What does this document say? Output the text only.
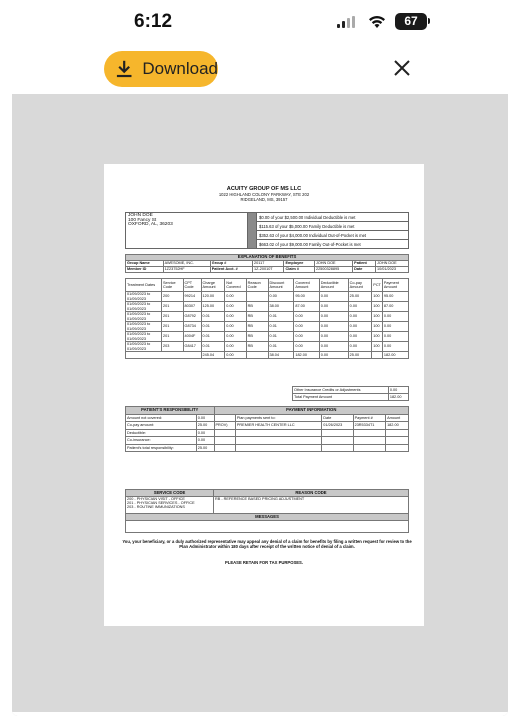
6:12	67
Download
ACUITY GROUP OF MS LLC
1022 HIGHLAND COLONY PARKWAY, STE 202
RIDGELAND, MS, 39157
JOHN DOE
100 Fancy St
OXFORD, AL, 36203
$0.00 of your $2,500.00 Individual Deductible is met
$115.63 of your $5,000.00 Family Deductible is met
$352.63 of your $4,000.00 Individual Out-of-Pocket is met
$663.02 of your $9,000.00 Family Out-of-Pocket is met
EXPLANATION OF BENEFITS							
Group Name	AWESOME, INC.	Group #	20117	Employee	JOHN DOE	Patient	JOHN DOE
Member ID	1Z23752HF	Patient Acct. #	1Z-20010T	Claim #	22500328895	Date	10/01/2023
Treatment Dates	Service Code	CPT Code	Charge Amount	Not Covered	Reason Code	Discount Amount	Covered Amount	Deductible Amount	Co-pay Amount	PCT	Payment Amount
01/09/2023 to 01/09/2023	200	99214	120.00	0.00		0.00	95.00	0.00	25.00	100	95.00
01/09/2023 to 01/09/2023	201	80307	125.00	0.00	RB	38.00	87.00	0.00	0.00	100	87.00
01/09/2023 to 01/09/2023	201	G8792	0.01	0.00	RB	0.01	0.00	0.00	0.00	100	0.00
01/09/2023 to 01/09/2023	201	G8734	0.01	0.00	RB	0.01	0.00	0.00	0.00	100	0.00
01/09/2023 to 01/09/2023	201	4004F	0.01	0.00	RB	0.01	0.00	0.00	0.00	100	0.00
01/09/2023 to 01/09/2023	203	G8417	0.01	0.00	RB	0.01	0.00	0.00	0.00	100	0.00
			245.04	0.00		38.04	182.00	0.00	25.00		182.00
Other Insurance Credits or Adjustments	0.00
Total Payment Amount	182.00
PATIENT'S RESPONSIBILITY		PAYMENT INFORMATION				
Amount not covered:	0.00		Plan payments sent to:	Date	Payment #	Amount
Co-pay amount:	25.00	PROV)	PREMIER HEALTH CENTER LLC	01/26/2023	23R5334T1	182.00
Deductible:	0.00					
Co-insurance:	0.00					
Patient's total responsibility:	25.00					
SERVICE CODE	REASON CODE

200 - PHYSICIAN VISIT - OFFICE
201 - PHYSICIAN SERVICES - OFFICE
203 - ROUTINE IMMUNIZATIONS	RB - REFERENCE BASED PRICING ADJUSTMENT
MESSAGES	

You, your beneficiary, or a duly authorized representative may appeal any denial of a claim for benefits by filing a written request for review to the Plan Administrator within 180 days after receipt of the written notice of denial of a claim.
PLEASE RETAIN FOR TAX PURPOSES.
